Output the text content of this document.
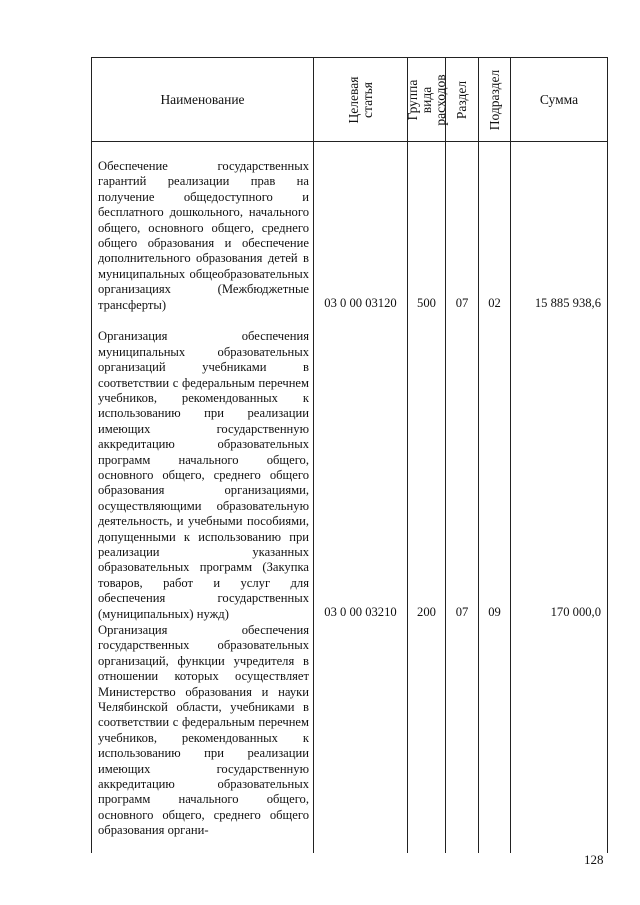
Наименование	Целевая статья	Группа вида расходов	Раздел	Подраздел	Сумма
Обеспечение государственных гарантий реализации прав на получение общедоступного и бесплатного дошкольного, начального общего, основного общего, среднего общего образования и обеспечение дополнительного образования детей в муниципальных общеобразовательных организациях (Межбюджетные трансферты)	03 0 00 03120	500	07	02	15 885 938,6
Организация обеспечения муниципальных образовательных организаций учебниками в соответствии с федеральным перечнем учебников, рекомендованных к использованию при реализации имеющих государственную аккредитацию образовательных программ начального общего, основного общего, среднего общего образования организациями, осуществляющими образовательную деятельность, и учебными пособиями, допущенными к использованию при реализации указанных образовательных программ (Закупка товаров, работ и услуг для обеспечения государственных (муниципальных) нужд)	03 0 00 03210	200	07	09	170 000,0
Организация обеспечения государственных образовательных организаций, функции учредителя в отношении которых осуществляет Министерство образования и науки Челябинской области, учебниками в соответствии с федеральным перечнем учебников, рекомендованных к использованию при реализации имеющих государственную аккредитацию образовательных программ начального общего, основного общего, среднего общего образования органи-					
128
